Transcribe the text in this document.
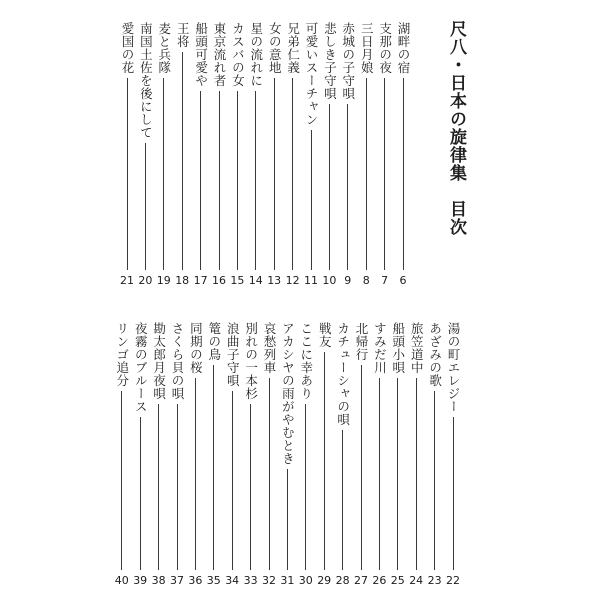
尺八・日本の旋律集　目次
湖畔の宿
6
支那の夜
7
三日月娘
8
赤城の子守唄
9
悲しき子守唄
10
可愛いスーチャン
11
兄弟仁義
12
女の意地
13
星の流れに
14
カスバの女
15
東京流れ者
16
船頭可愛や
17
王将
18
麦と兵隊
19
南国土佐を後にして
20
愛国の花
21
湯の町エレジー
22
あざみの歌
23
旅笠道中
24
船頭小唄
25
すみだ川
26
北帰行
27
カチューシャの唄
28
戦友
29
ここに幸あり
30
アカシヤの雨がやむとき
31
哀愁列車
32
別れの一本杉
33
浪曲子守唄
34
篭の鳥
35
同期の桜
36
さくら貝の唄
37
勘太郎月夜唄
38
夜霧のブルース
39
リンゴ追分
40
